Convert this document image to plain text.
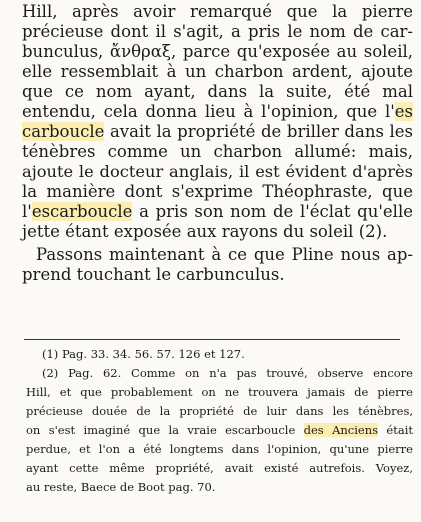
Hill, après avoir remarqué que la pierre
précieuse dont il s'agit, a pris le nom de car-
bunculus, ἄνθραξ, parce qu'exposée au soleil,
elle ressemblait à un charbon ardent, ajoute
que ce nom ayant, dans la suite, été mal
entendu, cela donna lieu à l'opinion, que l'es
carboucle avait la propriété de briller dans les
ténèbres comme un charbon allumé: mais,
ajoute le docteur anglais, il est évident d'après
la manière dont s'exprime Théophraste, que
l'escarboucle a pris son nom de l'éclat qu'elle
jette étant exposée aux rayons du soleil (2).
Passons maintenant à ce que Pline nous ap-
prend touchant le carbunculus.
(1) Pag. 33. 34. 56. 57. 126 et 127.
(2) Pag. 62. Comme on n'a pas trouvé, observe encore
Hill, et que probablement on ne trouvera jamais de pierre
précieuse douée de la propriété de luir dans les ténèbres,
on s'est imaginé que la vraie escarboucle des Anciens était
perdue, et l'on a été longtems dans l'opinion, qu'une pierre
ayant cette même propriété, avait existé autrefois. Voyez,
au reste, Baece de Boot pag. 70.
